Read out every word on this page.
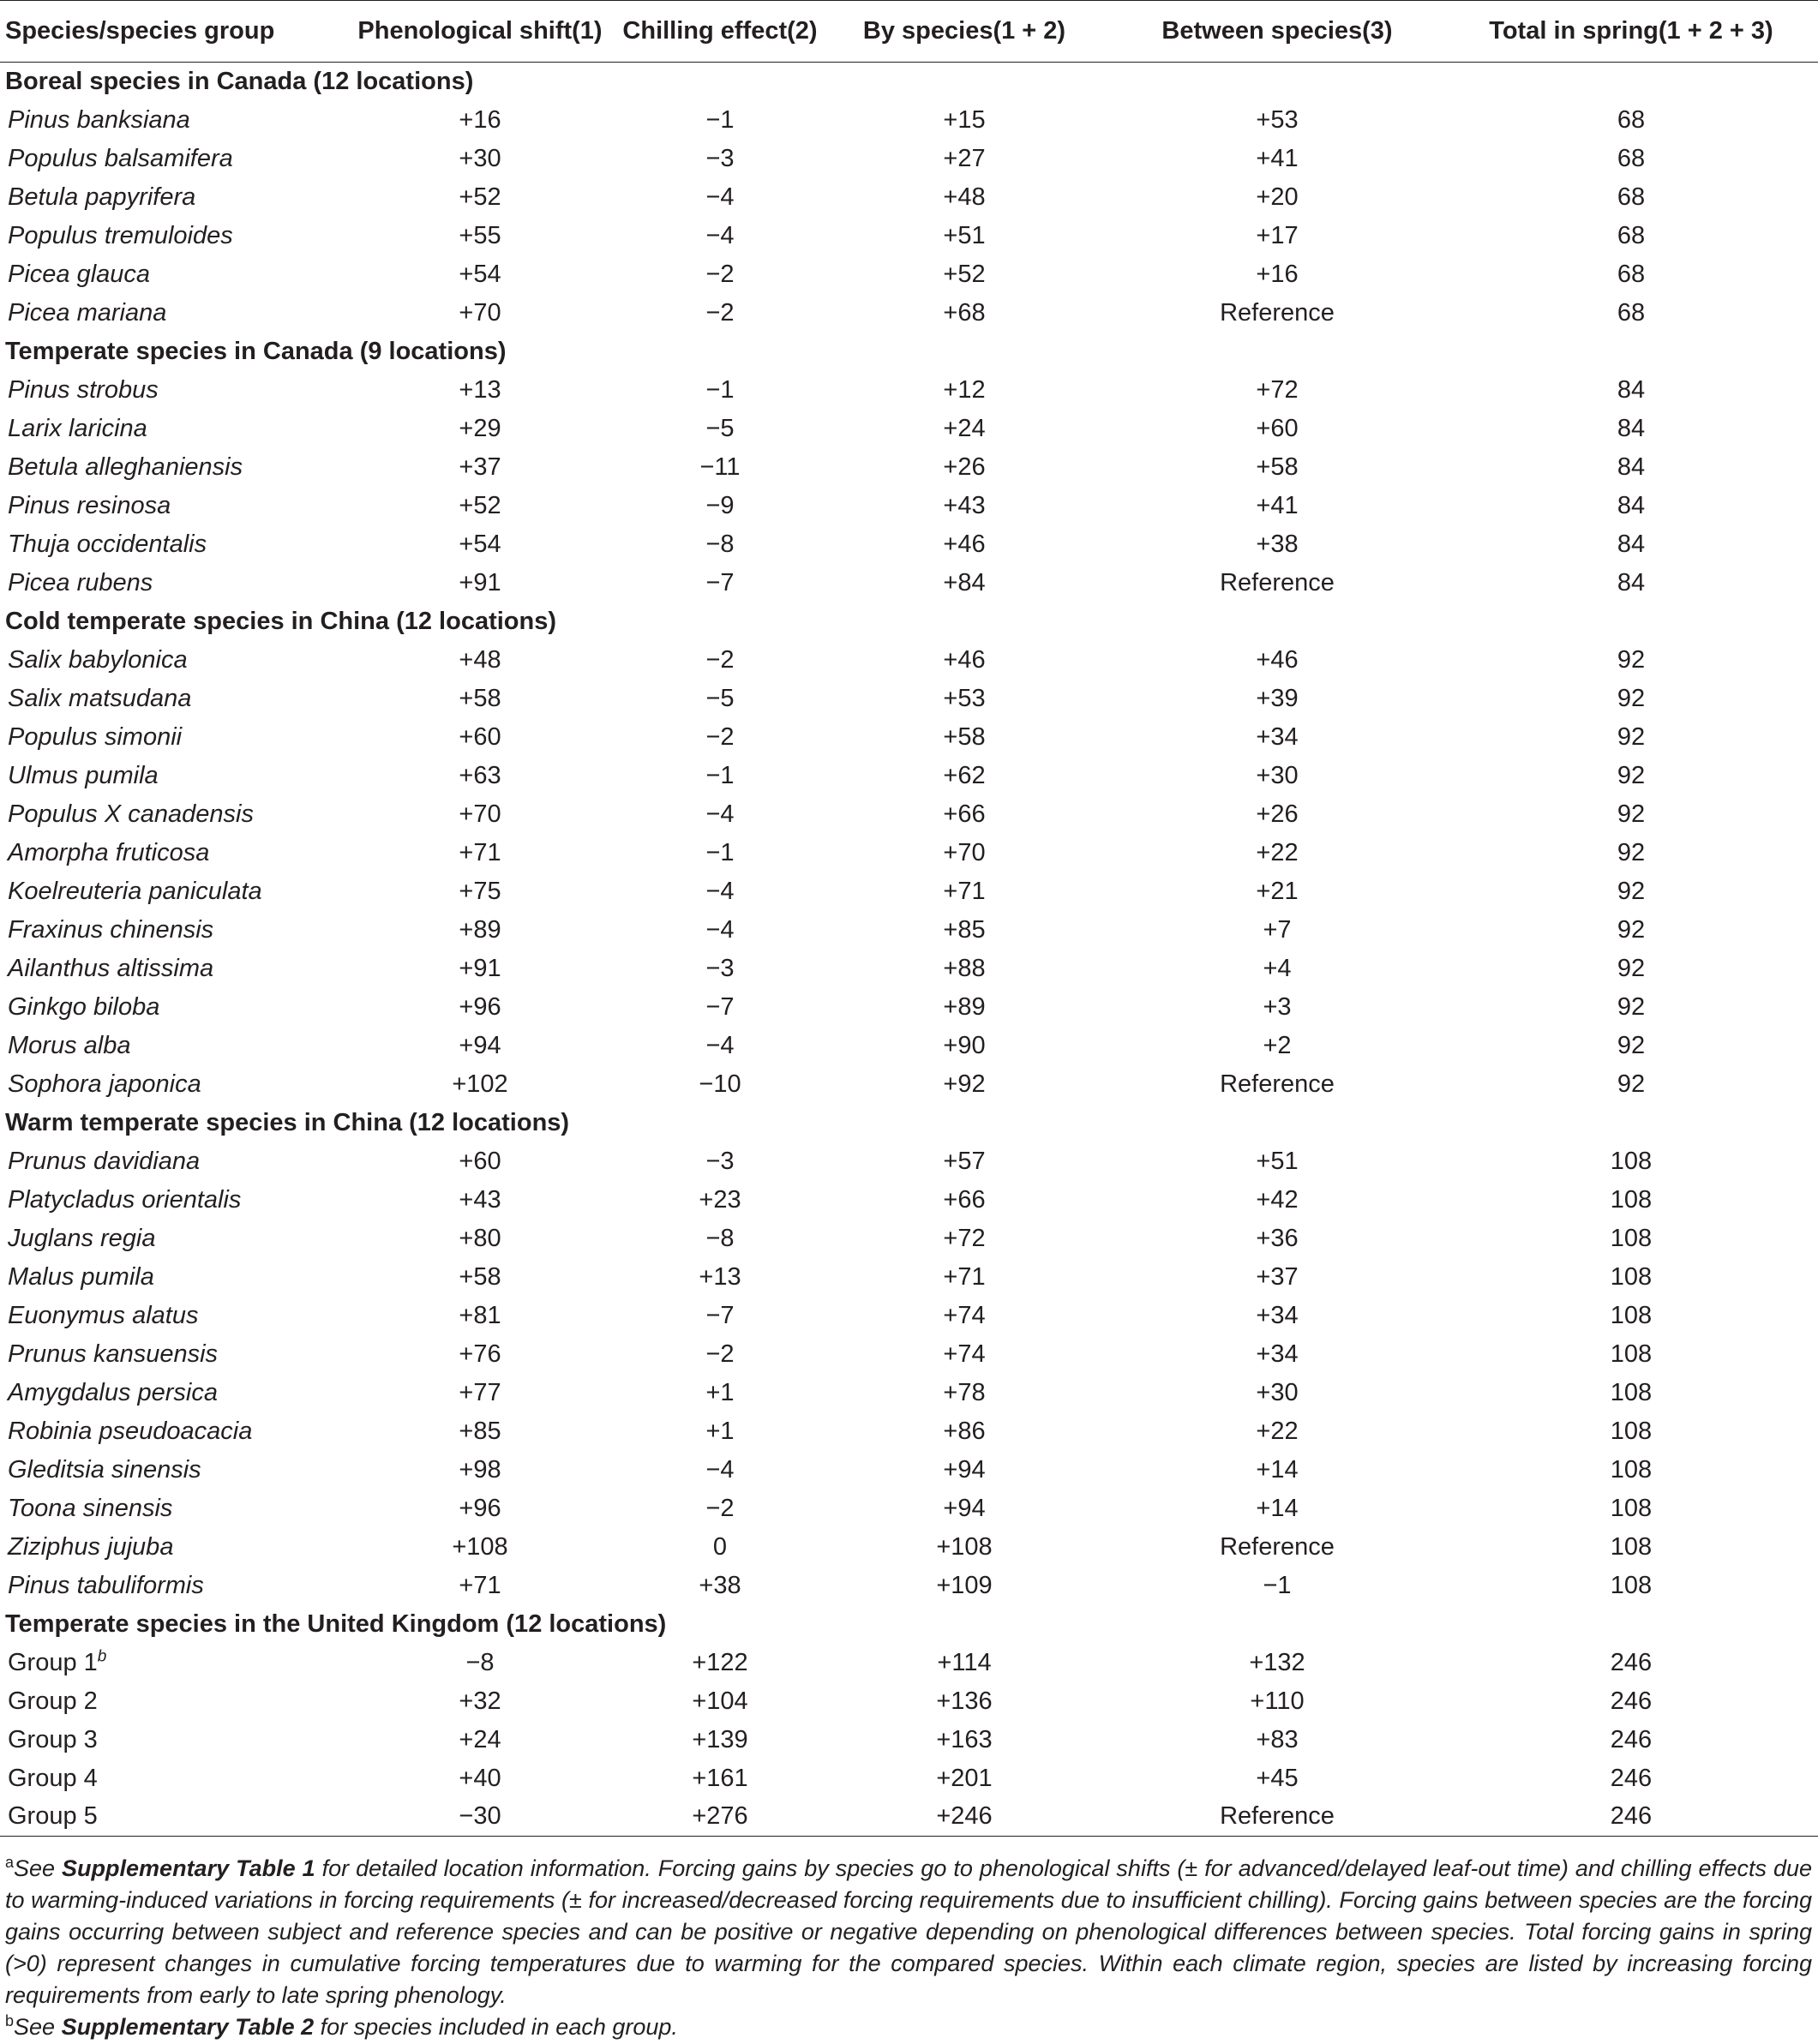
Species/species group	Phenological shift(1)	Chilling effect(2)	By species(1 + 2)	Between species(3)	Total in spring(1 + 2 + 3)
Boreal species in Canada (12 locations)					
Pinus banksiana	+16	−1	+15	+53	68
Populus balsamifera	+30	−3	+27	+41	68
Betula papyrifera	+52	−4	+48	+20	68
Populus tremuloides	+55	−4	+51	+17	68
Picea glauca	+54	−2	+52	+16	68
Picea mariana	+70	−2	+68	Reference	68
Temperate species in Canada (9 locations)					
Pinus strobus	+13	−1	+12	+72	84
Larix laricina	+29	−5	+24	+60	84
Betula alleghaniensis	+37	−11	+26	+58	84
Pinus resinosa	+52	−9	+43	+41	84
Thuja occidentalis	+54	−8	+46	+38	84
Picea rubens	+91	−7	+84	Reference	84
Cold temperate species in China (12 locations)					
Salix babylonica	+48	−2	+46	+46	92
Salix matsudana	+58	−5	+53	+39	92
Populus simonii	+60	−2	+58	+34	92
Ulmus pumila	+63	−1	+62	+30	92
Populus X canadensis	+70	−4	+66	+26	92
Amorpha fruticosa	+71	−1	+70	+22	92
Koelreuteria paniculata	+75	−4	+71	+21	92
Fraxinus chinensis	+89	−4	+85	+7	92
Ailanthus altissima	+91	−3	+88	+4	92
Ginkgo biloba	+96	−7	+89	+3	92
Morus alba	+94	−4	+90	+2	92
Sophora japonica	+102	−10	+92	Reference	92
Warm temperate species in China (12 locations)					
Prunus davidiana	+60	−3	+57	+51	108
Platycladus orientalis	+43	+23	+66	+42	108
Juglans regia	+80	−8	+72	+36	108
Malus pumila	+58	+13	+71	+37	108
Euonymus alatus	+81	−7	+74	+34	108
Prunus kansuensis	+76	−2	+74	+34	108
Amygdalus persica	+77	+1	+78	+30	108
Robinia pseudoacacia	+85	+1	+86	+22	108
Gleditsia sinensis	+98	−4	+94	+14	108
Toona sinensis	+96	−2	+94	+14	108
Ziziphus jujuba	+108	0	+108	Reference	108
Pinus tabuliformis	+71	+38	+109	−1	108
Temperate species in the United Kingdom (12 locations)					
Group $1^b$	−8	+122	+114	+132	246
Group 2	+32	+104	+136	+110	246
Group 3	+24	+139	+163	+83	246
Group 4	+40	+161	+201	+45	246
Group 5	−30	+276	+246	Reference	246

$^a$See Supplementary Table 1 for detailed location information. Forcing gains by species go to phenological shifts (± for advanced/delayed leaf-out time) and chilling effects due to warming-induced variations in forcing requirements (± for increased/decreased forcing requirements due to insufficient chilling). Forcing gains between species are the forcing gains occurring between subject and reference species and can be positive or negative depending on phenological differences between species. Total forcing gains in spring (>0) represent changes in cumulative forcing temperatures due to warming for the compared species. Within each climate region, species are listed by increasing forcing requirements from early to late spring phenology.

$^b$See Supplementary Table 2 for species included in each group.
